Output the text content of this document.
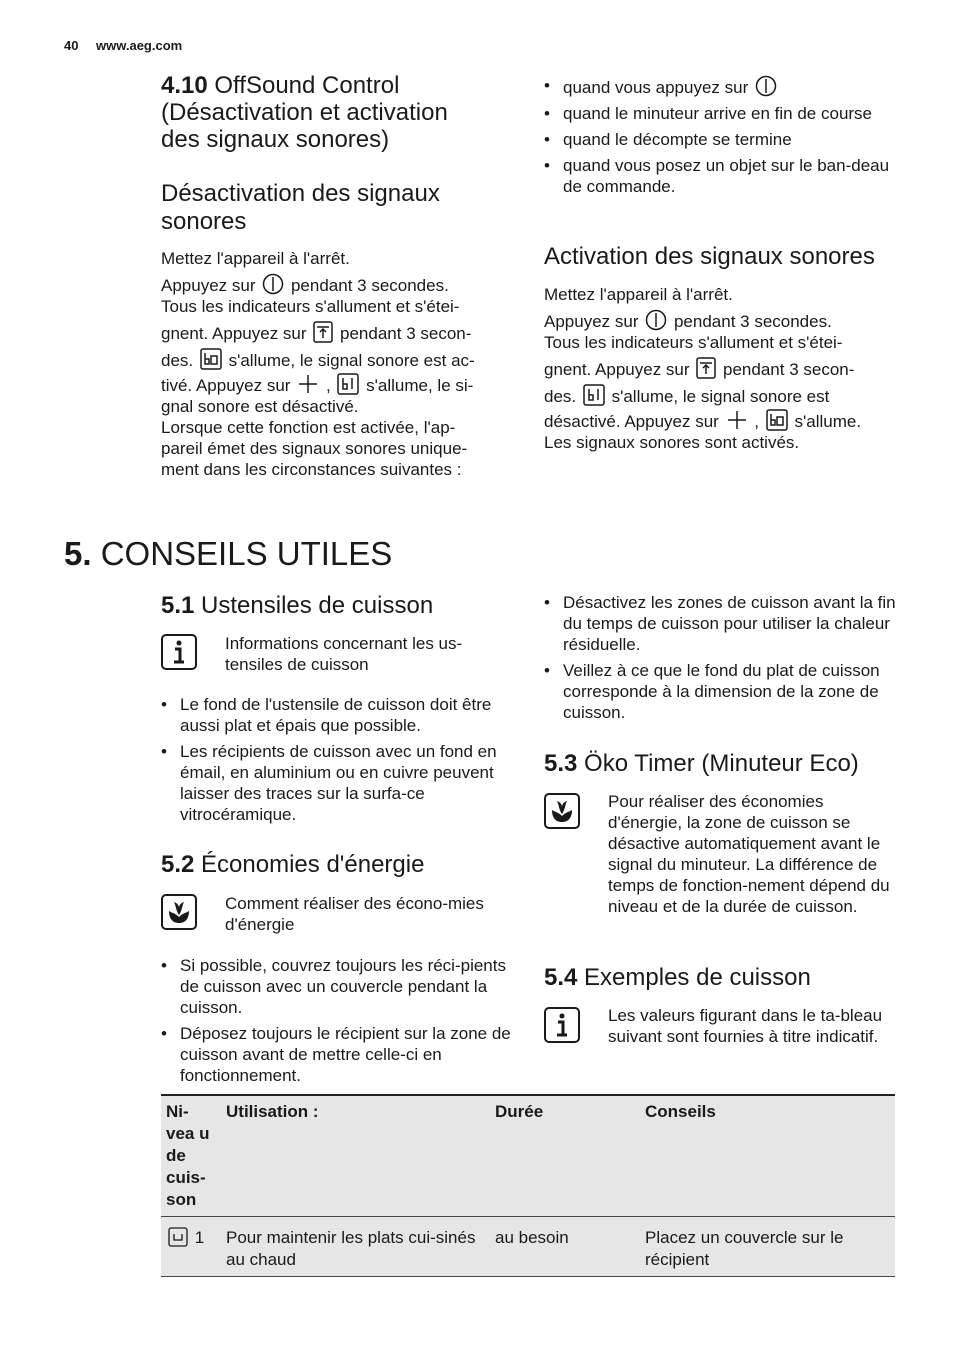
40 www.aeg.com
4.10 OffSound Control (Désactivation et activation des signaux sonores)
Désactivation des signaux sonores
Mettez l'appareil à l'arrêt.
Appuyez sur pendant 3 secondes.
Tous les indicateurs s'allument et s'étei-
gnent. Appuyez sur pendant 3 secon-
des. s'allume, le signal sonore est ac-
tivé. Appuyez sur , s'allume, le si-
gnal sonore est désactivé.
Lorsque cette fonction est activée, l'ap-
pareil émet des signaux sonores unique-
ment dans les circonstances suivantes :
• quand vous appuyez sur
• quand le minuteur arrive en fin de course
• quand le décompte se termine
• quand vous posez un objet sur le ban-deau de commande.
Activation des signaux sonores
Mettez l'appareil à l'arrêt.
Appuyez sur pendant 3 secondes.
Tous les indicateurs s'allument et s'étei-
gnent. Appuyez sur pendant 3 secon-
des. s'allume, le signal sonore est
désactivé. Appuyez sur , s'allume.
Les signaux sonores sont activés.
5. CONSEILS UTILES
5.1 Ustensiles de cuisson
Informations concernant les us-tensiles de cuisson
• Le fond de l'ustensile de cuisson doit être aussi plat et épais que possible.
• Les récipients de cuisson avec un fond en émail, en aluminium ou en cuivre peuvent laisser des traces sur la surfa-ce vitrocéramique.
5.2 Économies d'énergie
Comment réaliser des écono-mies d'énergie
• Si possible, couvrez toujours les réci-pients de cuisson avec un couvercle pendant la cuisson.
• Déposez toujours le récipient sur la zone de cuisson avant de mettre celle-ci en fonctionnement.
• Désactivez les zones de cuisson avant la fin du temps de cuisson pour utiliser la chaleur résiduelle.
• Veillez à ce que le fond du plat de cuisson corresponde à la dimension de la zone de cuisson.
5.3 Öko Timer (Minuteur Eco)
Pour réaliser des économies d'énergie, la zone de cuisson se désactive automatiquement avant le signal du minuteur. La différence de temps de fonction-nement dépend du niveau et de la durée de cuisson.
5.4 Exemples de cuisson
Les valeurs figurant dans le ta-bleau suivant sont fournies à titre indicatif.
Ni-vea u de cuis-son	Utilisation :	Durée	Conseils
1	Pour maintenir les plats cui-sinés au chaud	au besoin	Placez un couvercle sur le récipient
